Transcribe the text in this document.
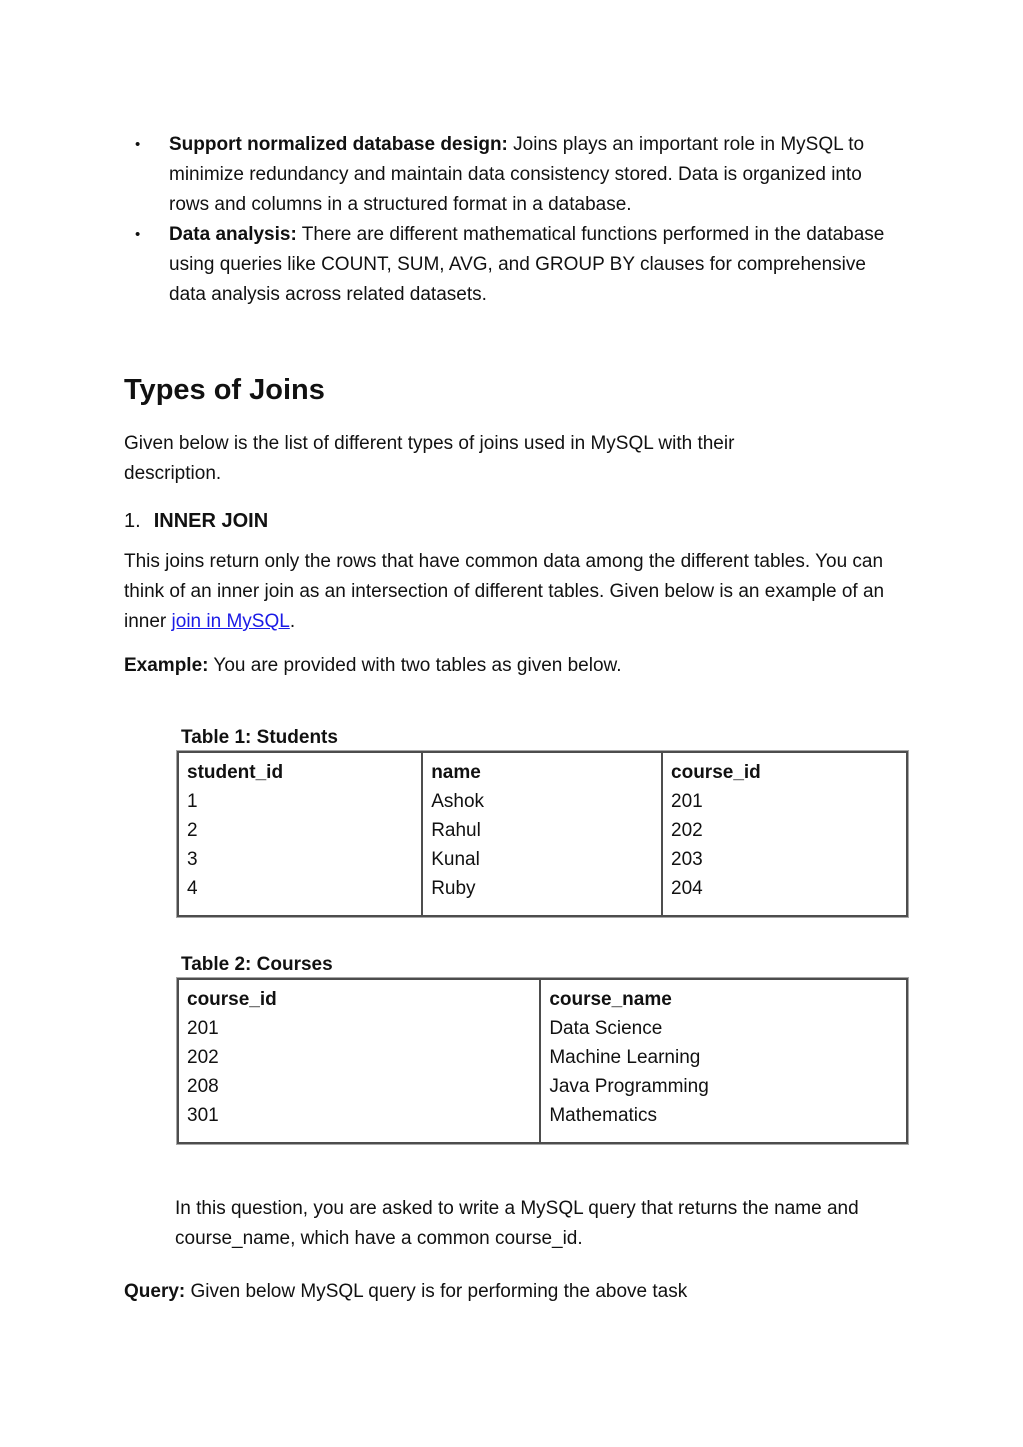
•	Support normalized database design: Joins plays an important role in MySQL to minimize redundancy and maintain data consistency stored. Data is organized into rows and columns in a structured format in a database.
•	Data analysis: There are different mathematical functions performed in the database using queries like COUNT, SUM, AVG, and GROUP BY clauses for comprehensive data analysis across related datasets.
Types of Joins

Given below is the list of different types of joins used in MySQL with their description.

1. INNER JOIN

This joins return only the rows that have common data among the different tables. You can think of an inner join as an intersection of different tables. Given below is an example of an inner join in MySQL.

Example: You are provided with two tables as given below.

Table 1: Students

student_id	name	course_id
1	Ashok	201
2	Rahul	202
3	Kunal	203
4	Ruby	204

Table 2: Courses

course_id	course_name
201	Data Science
202	Machine Learning
208	Java Programming
301	Mathematics

In this question, you are asked to write a MySQL query that returns the name and course_name, which have a common course_id.

Query: Given below MySQL query is for performing the above task
